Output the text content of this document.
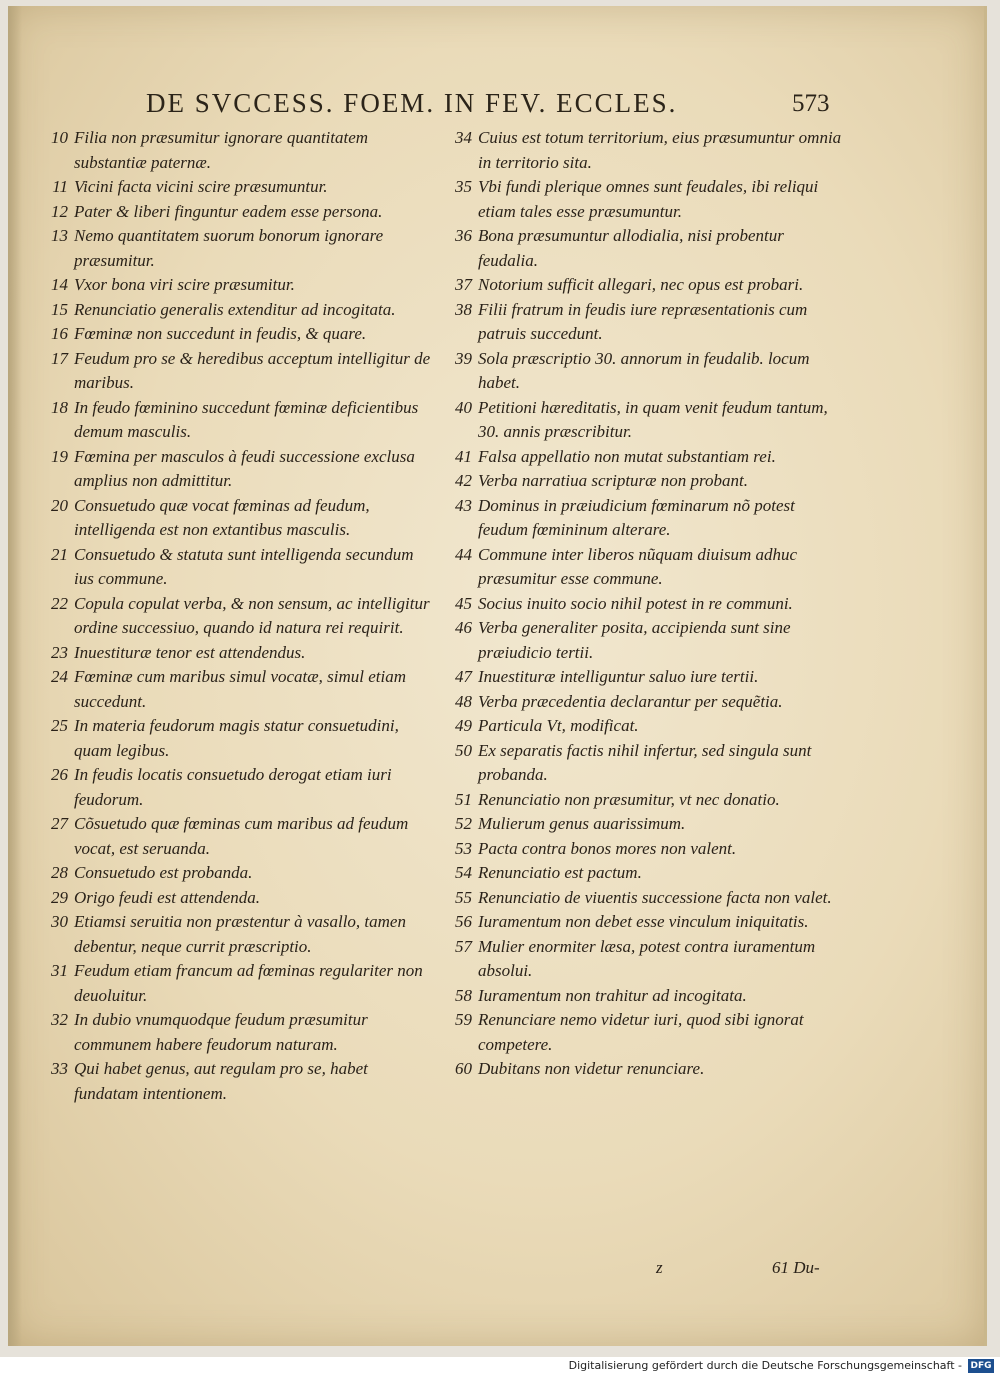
DE SVCCESS. FOEM. IN FEV. ECCLES.	573
10 Filia non præsumitur ignorare quantitatem substantiæ paternæ.
11 Vicini facta vicini scire præsumuntur.
12 Pater & liberi finguntur eadem esse persona.
13 Nemo quantitatem suorum bonorum ignorare præsumitur.
14 Vxor bona viri scire præsumitur.
15 Renunciatio generalis extenditur ad incogitata.
16 Fœminæ non succedunt in feudis, & quare.
17 Feudum pro se & heredibus acceptum intelligitur de maribus.
18 In feudo fœminino succedunt fœminæ deficientibus demum masculis.
19 Fœmina per masculos à feudi successione exclusa amplius non admittitur.
20 Consuetudo quæ vocat fœminas ad feudum, intelligenda est non extantibus masculis.
21 Consuetudo & statuta sunt intelligenda secundum ius commune.
22 Copula copulat verba, & non sensum, ac intelligitur ordine successiuo, quando id natura rei requirit.
23 Inuestituræ tenor est attendendus.
24 Fœminæ cum maribus simul vocatæ, simul etiam succedunt.
25 In materia feudorum magis statur consuetudini, quam legibus.
26 In feudis locatis consuetudo derogat etiam iuri feudorum.
27 Cõsuetudo quæ fœminas cum maribus ad feudum vocat, est seruanda.
28 Consuetudo est probanda.
29 Origo feudi est attendenda.
30 Etiamsi seruitia non præstentur à vasallo, tamen debentur, neque currit præscriptio.
31 Feudum etiam francum ad fœminas regulariter non deuoluitur.
32 In dubio vnumquodque feudum præsumitur communem habere feudorum naturam.
33 Qui habet genus, aut regulam pro se, habet fundatam intentionem.
34 Cuius est totum territorium, eius præsumuntur omnia in territorio sita.
35 Vbi fundi plerique omnes sunt feudales, ibi reliqui etiam tales esse præsumuntur.
36 Bona præsumuntur allodialia, nisi probentur feudalia.
37 Notorium sufficit allegari, nec opus est probari.
38 Filii fratrum in feudis iure repræsentationis cum patruis succedunt.
39 Sola præscriptio 30. annorum in feudalib. locum habet.
40 Petitioni hæreditatis, in quam venit feudum tantum, 30. annis præscribitur.
41 Falsa appellatio non mutat substantiam rei.
42 Verba narratiua scripturæ non probant.
43 Dominus in præiudicium fœminarum nõ potest feudum fœmininum alterare.
44 Commune inter liberos nũquam diuisum adhuc præsumitur esse commune.
45 Socius inuito socio nihil potest in re communi.
46 Verba generaliter posita, accipienda sunt sine præiudicio tertii.
47 Inuestituræ intelliguntur saluo iure tertii.
48 Verba præcedentia declarantur per sequẽtia.
49 Particula Vt, modificat.
50 Ex separatis factis nihil infertur, sed singula sunt probanda.
51 Renunciatio non præsumitur, vt nec donatio.
52 Mulierum genus auarissimum.
53 Pacta contra bonos mores non valent.
54 Renunciatio est pactum.
55 Renunciatio de viuentis successione facta non valet.
56 Iuramentum non debet esse vinculum iniquitatis.
57 Mulier enormiter læsa, potest contra iuramentum absolui.
58 Iuramentum non trahitur ad incogitata.
59 Renunciare nemo videtur iuri, quod sibi ignorat competere.
60 Dubitans non videtur renunciare.
z	61 Du-
Digitalisierung gefördert durch die Deutsche Forschungsgemeinschaft - DFG
